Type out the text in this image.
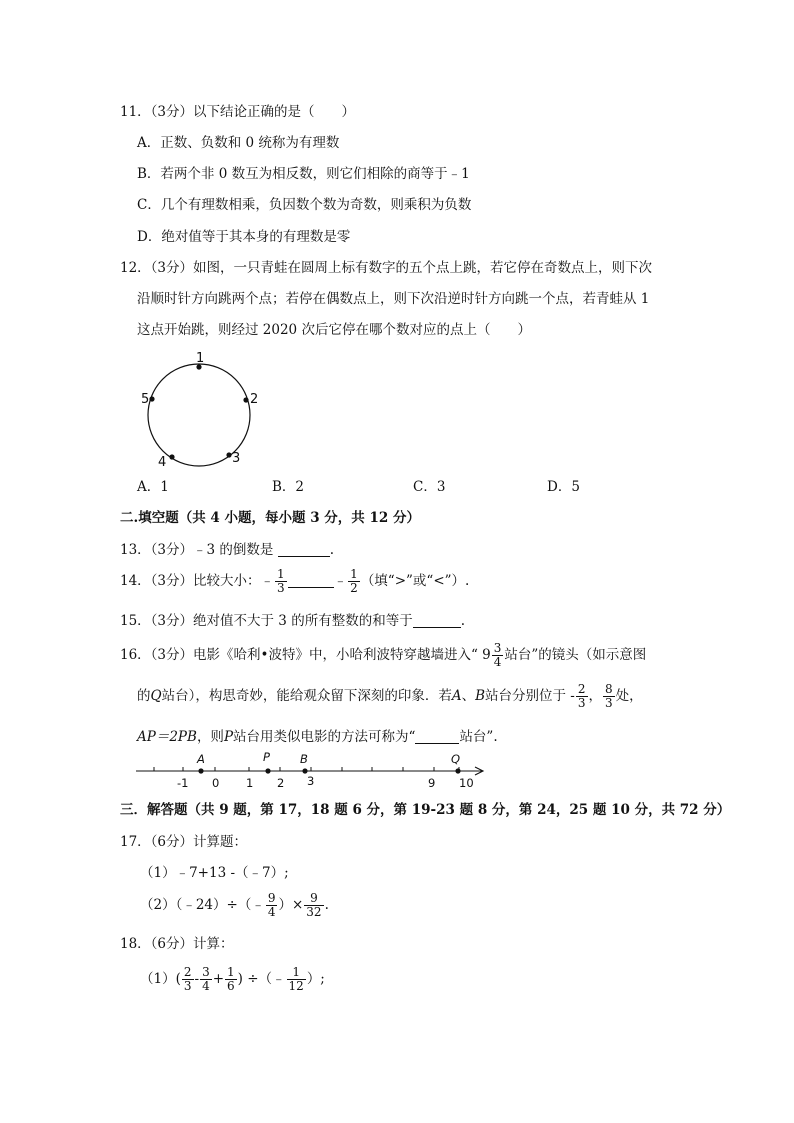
11．（3分）以下结论正确的是（　　）
A．正数、负数和 0 统称为有理数
B．若两个非 0 数互为相反数，则它们相除的商等于﹣1
C．几个有理数相乘，负因数个数为奇数，则乘积为负数
D．绝对值等于其本身的有理数是零
12．（3分）如图，一只青蛙在圆周上标有数字的五个点上跳，若它停在奇数点上，则下次
沿顺时针方向跳两个点；若停在偶数点上，则下次沿逆时针方向跳一个点，若青蛙从 1
这点开始跳，则经过 2020 次后它停在哪个数对应的点上（　　）
1
2
3
4
5
A．1	B．2	C．3	D．5
二.填空题（共 4 小题，每小题 3 分，共 12 分）
13．（3分）﹣3 的倒数是	.
14．（3分）比较大小：﹣ $\frac{1}{3}$	﹣ $\frac{1}{2}$ （填“>”或“<”）.
15．（3分）绝对值不大于 3 的所有整数的和等于	.
16．（3分）电影《哈利•波特》中，小哈利波特穿越墙进入“ $9 \frac{3}{4}$ 站台”的镜头（如示意图
的Q站台），构思奇妙，能给观众留下深刻的印象．若A、B站台分别位于 - $\frac{2}{3}$ ， $\frac{8}{3}$ 处，
AP＝2PB，则P站台用类似电影的方法可称为“	站台”.
A	P	B	Q
-1 0 1 2 3	9 10
三．解答题（共 9 题，第 17，18 题 6 分，第 19-23 题 8 分，第 24，25 题 10 分，共 72 分）
17．（6分）计算题：
（1）﹣7+13 -（﹣7）;
（2）（﹣24）÷（﹣ $\frac{9}{4}$ ）× $\frac{9}{32}$ .
18．（6分）计算：
$(1)( \frac{2}{3} - \frac{3}{4} + \frac{1}{6}$ ) ÷（﹣ $\frac{1}{12}$ ）;
